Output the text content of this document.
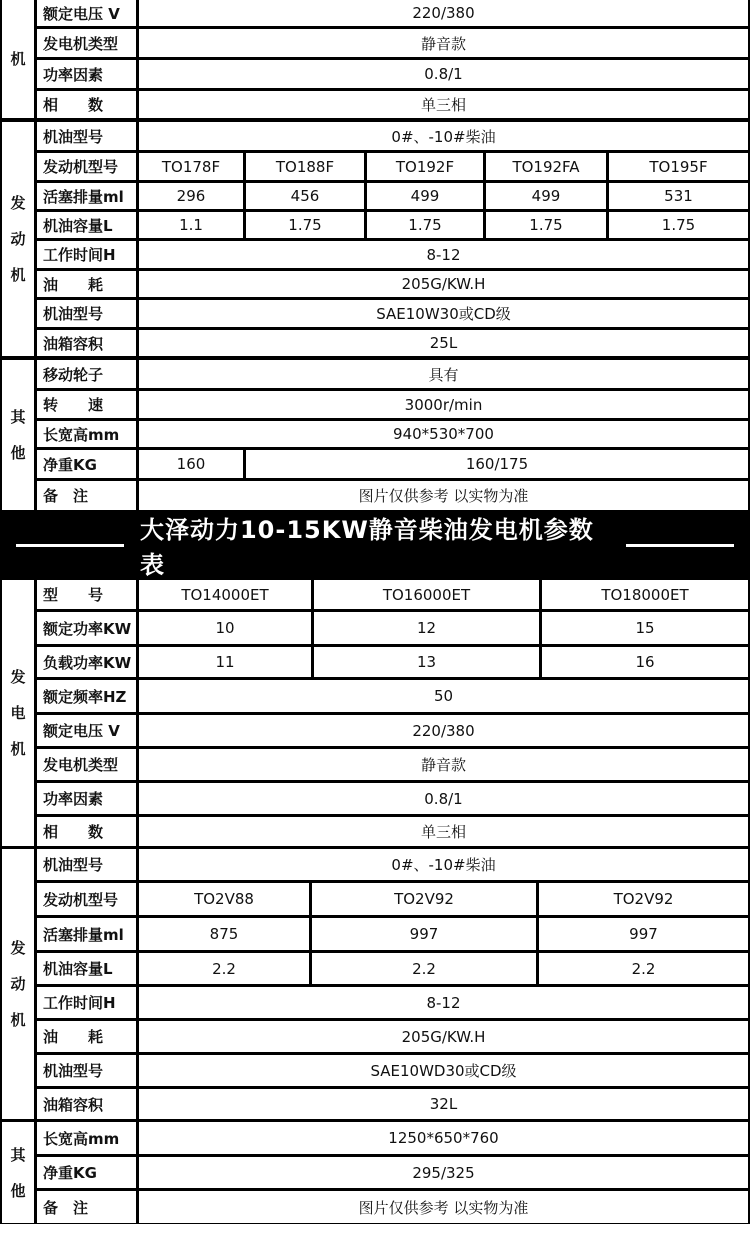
机
发
动
机
其
他
额定电压 V	220/380
发电机类型	静音款
功率因素	0.8/1
相　　数	单三相
机油型号	0#、-10#柴油
发动机型号	TO178F	TO188F	TO192F	TO192FA	TO195F
活塞排量ml	296	456	499	499	531
机油容量L	1.1	1.75	1.75	1.75	1.75
工作时间H	8-12
油　　耗	205G/KW.H
机油型号	SAE10W30或CD级
油箱容积	25L
移动轮子	具有
转　　速	3000r/min
长宽高mm	940*530*700
净重KG	160	160/175
备　注	图片仅供参考 以实物为准
大泽动力10-15KW静音柴油发电机参数表
发
电
机
发
动
机
其
他
型　　号	TO14000ET	TO16000ET	TO18000ET
额定功率KW	10	12	15
负载功率KW	11	13	16
额定频率HZ	50
额定电压 V	220/380
发电机类型	静音款
功率因素	0.8/1
相　　数	单三相
机油型号	0#、-10#柴油
发动机型号	TO2V88	TO2V92	TO2V92
活塞排量ml	875	997	997
机油容量L	2.2	2.2	2.2
工作时间H	8-12
油　　耗	205G/KW.H
机油型号	SAE10WD30或CD级
油箱容积	32L
长宽高mm	1250*650*760
净重KG	295/325
备　注	图片仅供参考 以实物为准
